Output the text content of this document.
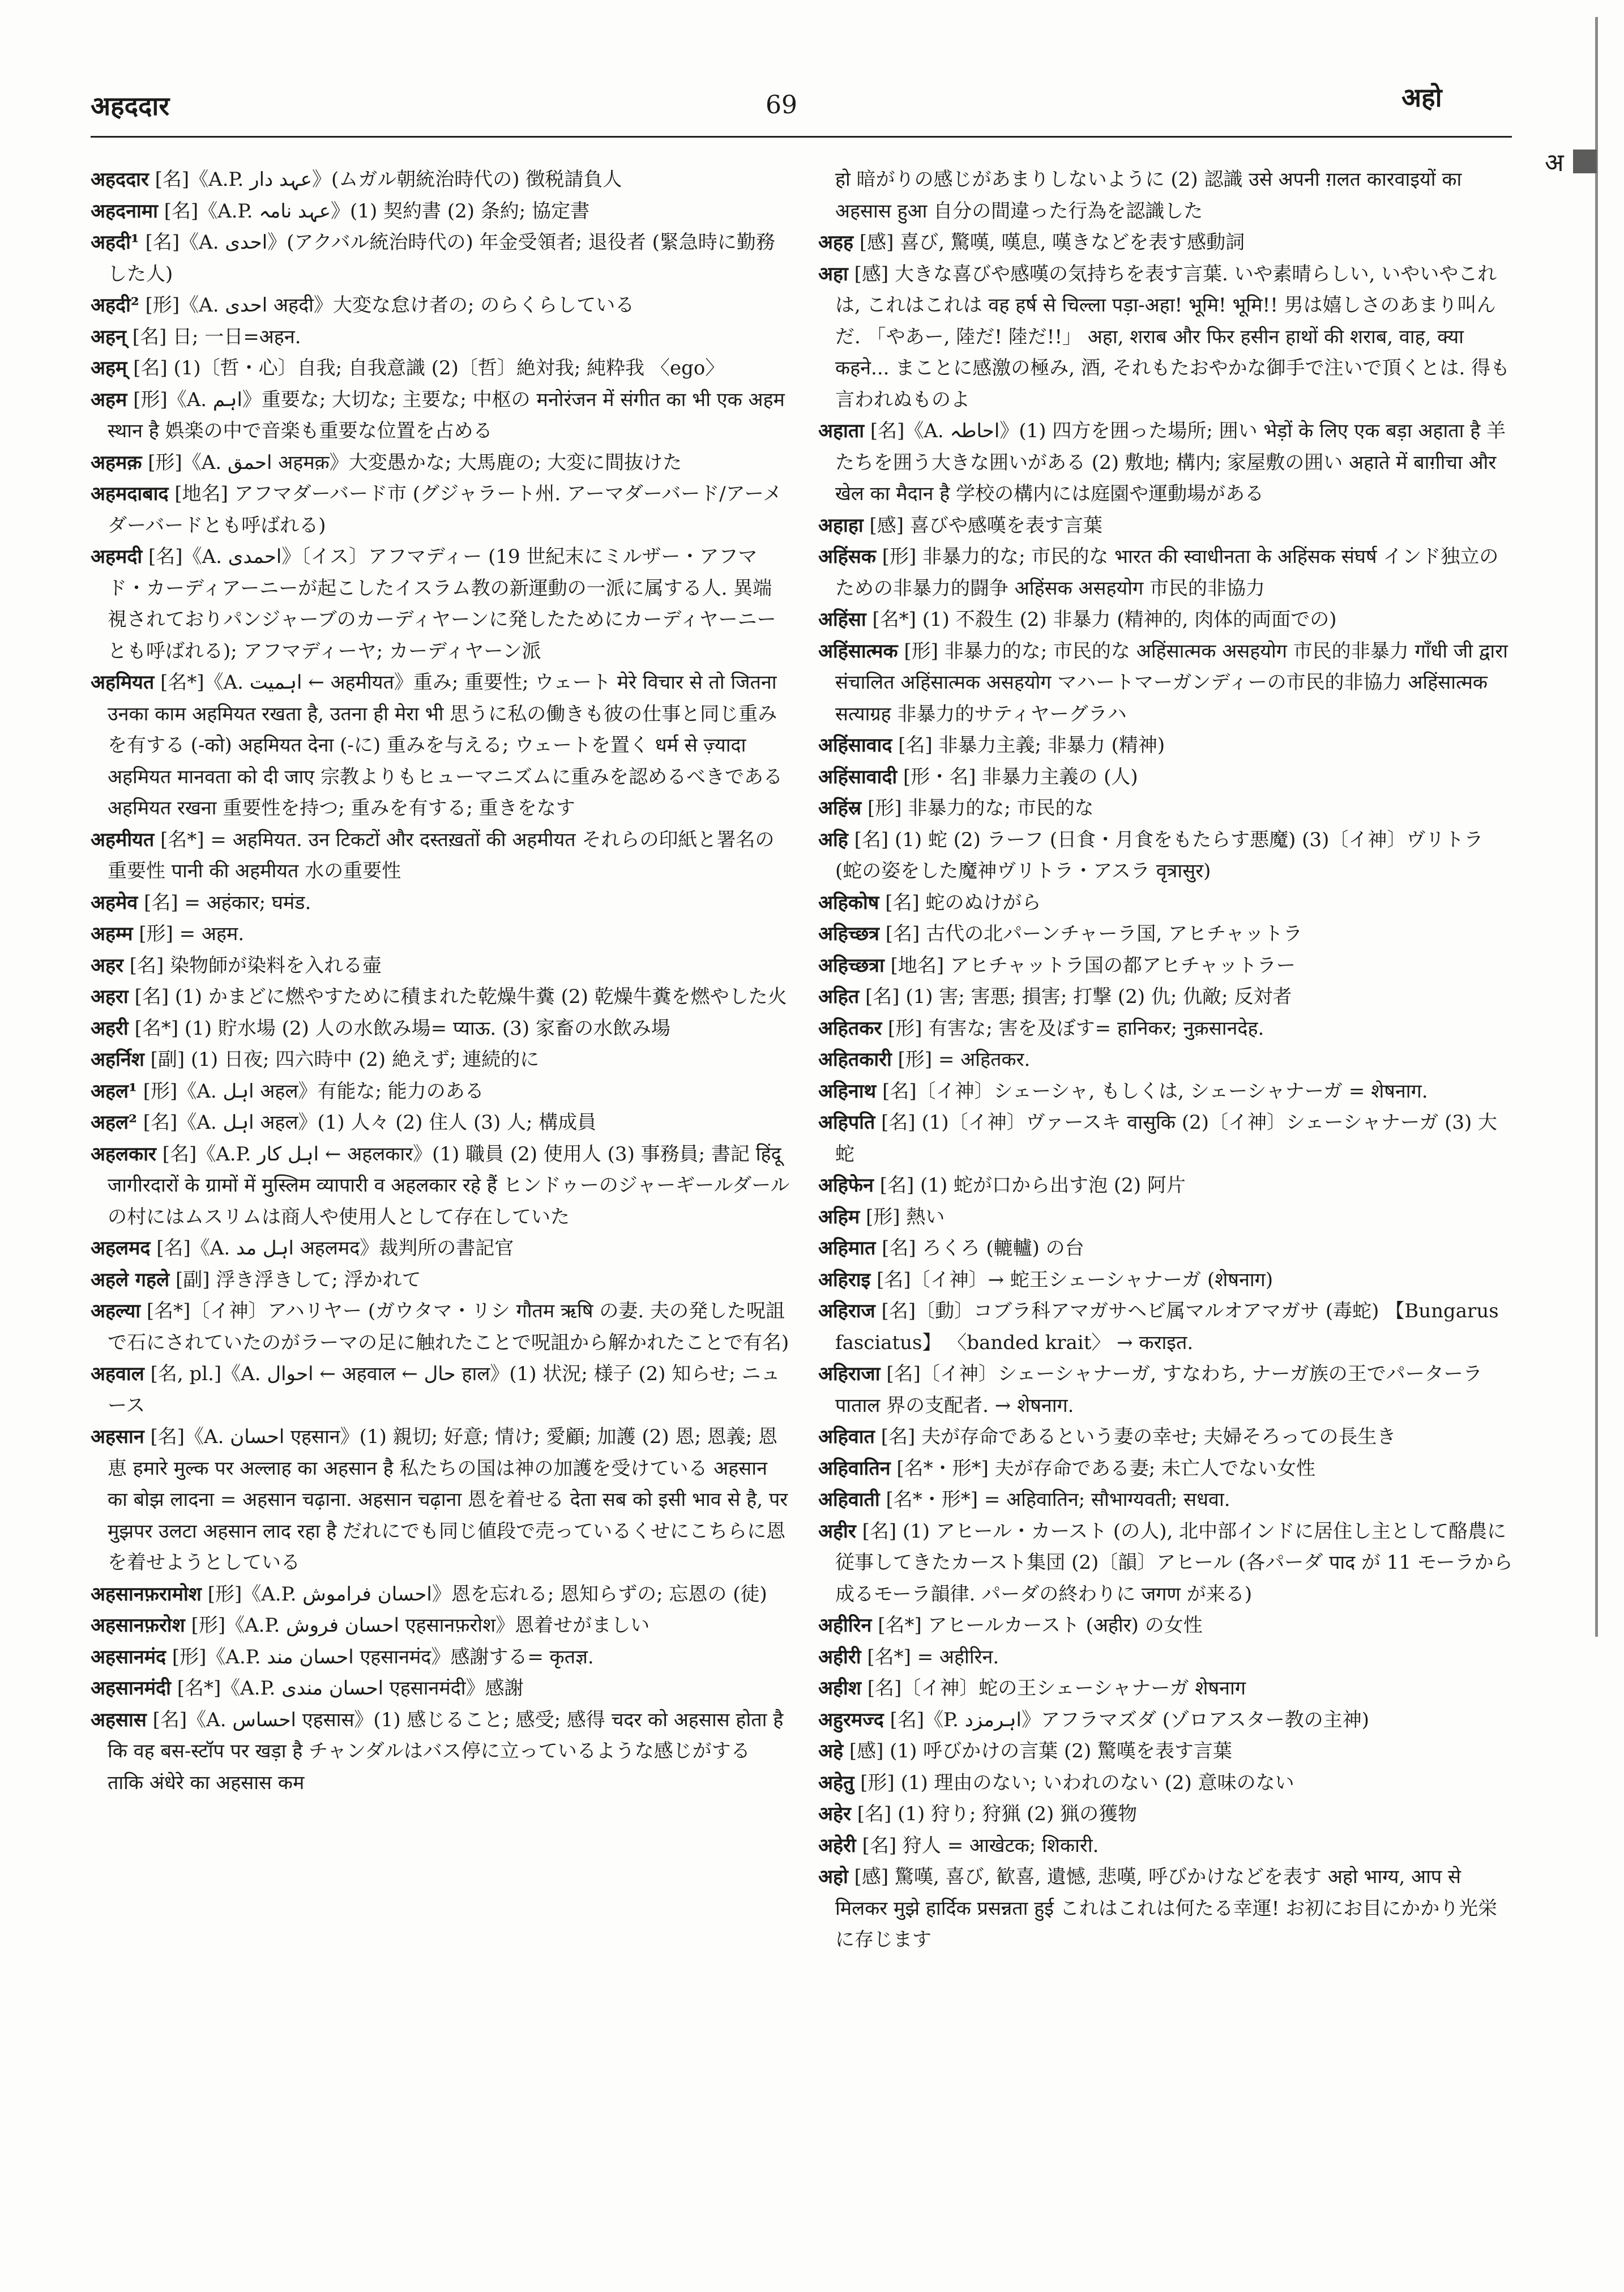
अ
अहददार	69	अहो

अहददार [名]《A.P. عہد دار》(ムガル朝統治時代の) 徴税請負人

अहदनामा [名]《A.P. عہد نامہ》(1) 契約書 (2) 条約; 協定書

अहदी¹ [名]《A. احدی》(アクバル統治時代の) 年金受領者; 退役者 (緊急時に勤務した人)

अहदी² [形]《A. احدی अहदी》大変な怠け者の; のらくらしている

अहन् [名] 日; 一日=अहन.

अहम् [名] (1)〔哲・心〕自我; 自我意識 (2)〔哲〕絶対我; 純粋我 〈ego〉

अहम [形]《A. اہم》重要な; 大切な; 主要な; 中枢の मनोरंजन में संगीत का भी एक अहम स्थान है 娯楽の中で音楽も重要な位置を占める

अहमक़ [形]《A. احمق अहमक़》大変愚かな; 大馬鹿の; 大変に間抜けた

अहमदाबाद [地名] アフマダーバード市 (グジャラート州. アーマダーバード/アーメダーバードとも呼ばれる)

अहमदी [名]《A. احمدی》〔イス〕アフマディー (19 世紀末にミルザー・アフマド・カーディアーニーが起こしたイスラム教の新運動の一派に属する人. 異端視されておりパンジャーブのカーディヤーンに発したためにカーディヤーニーとも呼ばれる); アフマディーヤ; カーディヤーン派

अहमियत [名*]《A. اہمیت ← अहमीयत》重み; 重要性; ウェート मेरे विचार से तो जितना उनका काम अहमियत रखता है, उतना ही मेरा भी 思うに私の働きも彼の仕事と同じ重みを有する (-को) अहमियत देना (-に) 重みを与える; ウェートを置く धर्म से ज़्यादा अहमियत मानवता को दी जाए 宗教よりもヒューマニズムに重みを認めるべきである अहमियत रखना 重要性を持つ; 重みを有する; 重きをなす

अहमीयत [名*] = अहमियत. उन टिकटों और दस्तख़तों की अहमीयत それらの印紙と署名の重要性 पानी की अहमीयत 水の重要性

अहमेव [名] = अहंकार; घमंड.

अहम्म [形] = अहम.

अहर [名] 染物師が染料を入れる壷

अहरा [名] (1) かまどに燃やすために積まれた乾燥牛糞 (2) 乾燥牛糞を燃やした火

अहरी [名*] (1) 貯水場 (2) 人の水飲み場= प्याऊ. (3) 家畜の水飲み場

अहर्निश [副] (1) 日夜; 四六時中 (2) 絶えず; 連続的に

अहल¹ [形]《A. اہل अहल》有能な; 能力のある

अहल² [名]《A. اہل अहल》(1) 人々 (2) 住人 (3) 人; 構成員

अहलकार [名]《A.P. اہل کار ← अहलकार》(1) 職員 (2) 使用人 (3) 事務員; 書記 हिंदू जागीरदारों के ग्रामों में मुस्लिम व्यापारी व अहलकार रहे हैं ヒンドゥーのジャーギールダールの村にはムスリムは商人や使用人として存在していた

अहलमद [名]《A. اہل مد अहलमद》裁判所の書記官

अहले गहले [副] 浮き浮きして; 浮かれて

अहल्या [名*]〔イ神〕アハリヤー (ガウタマ・リシ गौतम ऋषि の妻. 夫の発した呪詛で石にされていたのがラーマの足に触れたことで呪詛から解かれたことで有名)

अहवाल [名, pl.]《A. احوال ← अहवाल ← حال हाल》(1) 状況; 様子 (2) 知らせ; ニュース

अहसान [名]《A. احسان एहसान》(1) 親切; 好意; 情け; 愛顧; 加護 (2) 恩; 恩義; 恩恵 हमारे मुल्क पर अल्लाह का अहसान है 私たちの国は神の加護を受けている अहसान का बोझ लादना = अहसान चढ़ाना. अहसान चढ़ाना 恩を着せる देता सब को इसी भाव से है, पर मुझपर उलटा अहसान लाद रहा है だれにでも同じ値段で売っているくせにこちらに恩を着せようとしている

अहसानफ़रामोश [形]《A.P. احسان فراموش》恩を忘れる; 恩知らずの; 忘恩の (徒)

अहसानफ़रोश [形]《A.P. احسان فروش एहसानफ़रोश》恩着せがましい

अहसानमंद [形]《A.P. احسان مند एहसानमंद》感謝する= कृतज्ञ.

अहसानमंदी [名*]《A.P. احسان مندی एहसानमंदी》感謝

अहसास [名]《A. احساس एहसास》(1) 感じること; 感受; 感得 चदर को अहसास होता है कि वह बस-स्टॉप पर खड़ा है チャンダルはバス停に立っているような感じがする ताकि अंधेरे का अहसास कम

हो 暗がりの感じがあまりしないように (2) 認識 उसे अपनी ग़लत कारवाइयों का अहसास हुआ 自分の間違った行為を認識した

अहह [感] 喜び, 驚嘆, 嘆息, 嘆きなどを表す感動詞

अहा [感] 大きな喜びや感嘆の気持ちを表す言葉. いや素晴らしい, いやいやこれは, これはこれは वह हर्ष से चिल्ला पड़ा-अहा! भूमि! भूमि!! 男は嬉しさのあまり叫んだ. 「やあー, 陸だ! 陸だ!!」 अहा, शराब और फिर हसीन हाथों की शराब, वाह, क्या कहने... まことに感激の極み, 酒, それもたおやかな御手で注いで頂くとは. 得も言われぬものよ

अहाता [名]《A. احاطہ》(1) 四方を囲った場所; 囲い भेड़ों के लिए एक बड़ा अहाता है 羊たちを囲う大きな囲いがある (2) 敷地; 構内; 家屋敷の囲い अहाते में बाग़ीचा और खेल का मैदान है 学校の構内には庭園や運動場がある

अहाहा [感] 喜びや感嘆を表す言葉

अहिंसक [形] 非暴力的な; 市民的な भारत की स्वाधीनता के अहिंसक संघर्ष インド独立のための非暴力的闘争 अहिंसक असहयोग 市民的非協力

अहिंसा [名*] (1) 不殺生 (2) 非暴力 (精神的, 肉体的両面での)

अहिंसात्मक [形] 非暴力的な; 市民的な अहिंसात्मक असहयोग 市民的非暴力 गाँधी जी द्वारा संचालित अहिंसात्मक असहयोग マハートマーガンディーの市民的非協力 अहिंसात्मक सत्याग्रह 非暴力的サティヤーグラハ

अहिंसावाद [名] 非暴力主義; 非暴力 (精神)

अहिंसावादी [形・名] 非暴力主義の (人)

अहिंस्र [形] 非暴力的な; 市民的な

अहि [名] (1) 蛇 (2) ラーフ (日食・月食をもたらす悪魔) (3)〔イ神〕ヴリトラ (蛇の姿をした魔神ヴリトラ・アスラ वृत्रासुर)

अहिकोष [名] 蛇のぬけがら

अहिच्छत्र [名] 古代の北パーンチャーラ国, アヒチャットラ

अहिच्छत्रा [地名] アヒチャットラ国の都アヒチャットラー

अहित [名] (1) 害; 害悪; 損害; 打撃 (2) 仇; 仇敵; 反対者

अहितकर [形] 有害な; 害を及ぼす= हानिकर; नुक़सानदेह.

अहितकारी [形] = अहितकर.

अहिनाथ [名]〔イ神〕シェーシャ, もしくは, シェーシャナーガ = शेषनाग.

अहिपति [名] (1)〔イ神〕ヴァースキ वासुकि (2)〔イ神〕シェーシャナーガ (3) 大蛇

अहिफेन [名] (1) 蛇が口から出す泡 (2) 阿片

अहिम [形] 熱い

अहिमात [名] ろくろ (轆轤) の台

अहिराइ [名]〔イ神〕→ 蛇王シェーシャナーガ (शेषनाग)

अहिराज [名]〔動〕コブラ科アマガサヘビ属マルオアマガサ (毒蛇) 【Bungarus fasciatus】 〈banded krait〉 → कराइत.

अहिराजा [名]〔イ神〕シェーシャナーガ, すなわち, ナーガ族の王でパーターラ पाताल 界の支配者. → शेषनाग.

अहिवात [名] 夫が存命であるという妻の幸せ; 夫婦そろっての長生き

अहिवातिन [名*・形*] 夫が存命である妻; 未亡人でない女性

अहिवाती [名*・形*] = अहिवातिन; सौभाग्यवती; सधवा.

अहीर [名] (1) アヒール・カースト (の人), 北中部インドに居住し主として酪農に従事してきたカースト集団 (2)〔韻〕アヒール (各パーダ पाद が 11 モーラから成るモーラ韻律. パーダの終わりに जगण が来る)

अहीरिन [名*] アヒールカースト (अहीर) の女性

अहीरी [名*] = अहीरिन.

अहीश [名]〔イ神〕蛇の王シェーシャナーガ शेषनाग

अहुरमज्द [名]《P. اہرمزد》アフラマズダ (ゾロアスター教の主神)

अहे [感] (1) 呼びかけの言葉 (2) 驚嘆を表す言葉

अहेतु [形] (1) 理由のない; いわれのない (2) 意味のない

अहेर [名] (1) 狩り; 狩猟 (2) 猟の獲物

अहेरी [名] 狩人 = आखेटक; शिकारी.

अहो [感] 驚嘆, 喜び, 歓喜, 遺憾, 悲嘆, 呼びかけなどを表す अहो भाग्य, आप से मिलकर मुझे हार्दिक प्रसन्नता हुई これはこれは何たる幸運! お初にお目にかかり光栄に存じます
